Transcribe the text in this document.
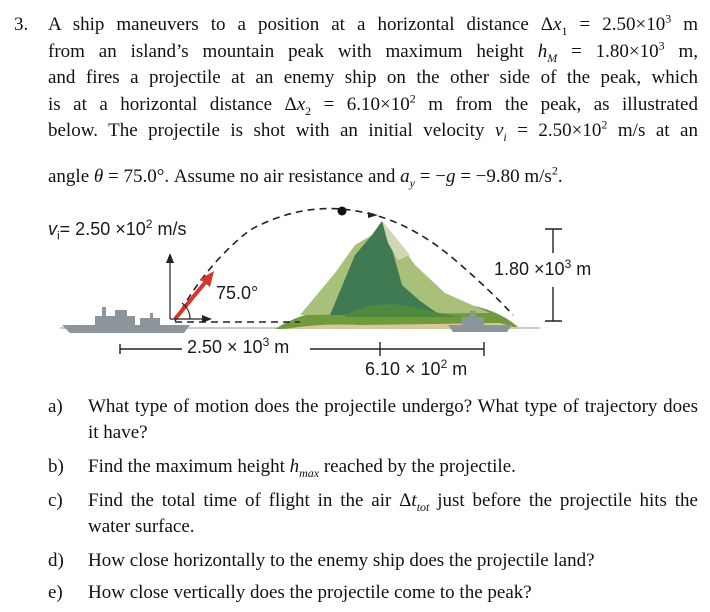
3. A ship maneuvers to a position at a horizontal distance $\Delta x_1 = 2.50\times 10^3$ m
from an island’s mountain peak with maximum height $h_M = 1.80\times 10^3$ m,
and fires a projectile at an enemy ship on the other side of the peak, which
is at a horizontal distance $\Delta x_2 = 6.10\times 10^2$ m from the peak, as illustrated
below. The projectile is shot with an initial velocity $v_i = 2.50\times 10^2$ m/s at an
angle θ = 75.0°. Assume no air resistance and $a_y = -g = -9.80$ $m/s^2$.
$v_i= 2.50 \times 10^2$ m/s
75.0°
$1.80 \times 10^3$ m
$2.50 \times 10^3$ m
$6.10 \times 10^2$ m
a) What type of motion does the projectile undergo? What type of trajectory does it have?
b) Find the maximum height $h_{max}$ reached by the projectile.
c) Find the total time of flight in the air $\Delta t_{tot}$ just before the projectile hits the water surface.
d) How close horizontally to the enemy ship does the projectile land?
e) How close vertically does the projectile come to the peak?
